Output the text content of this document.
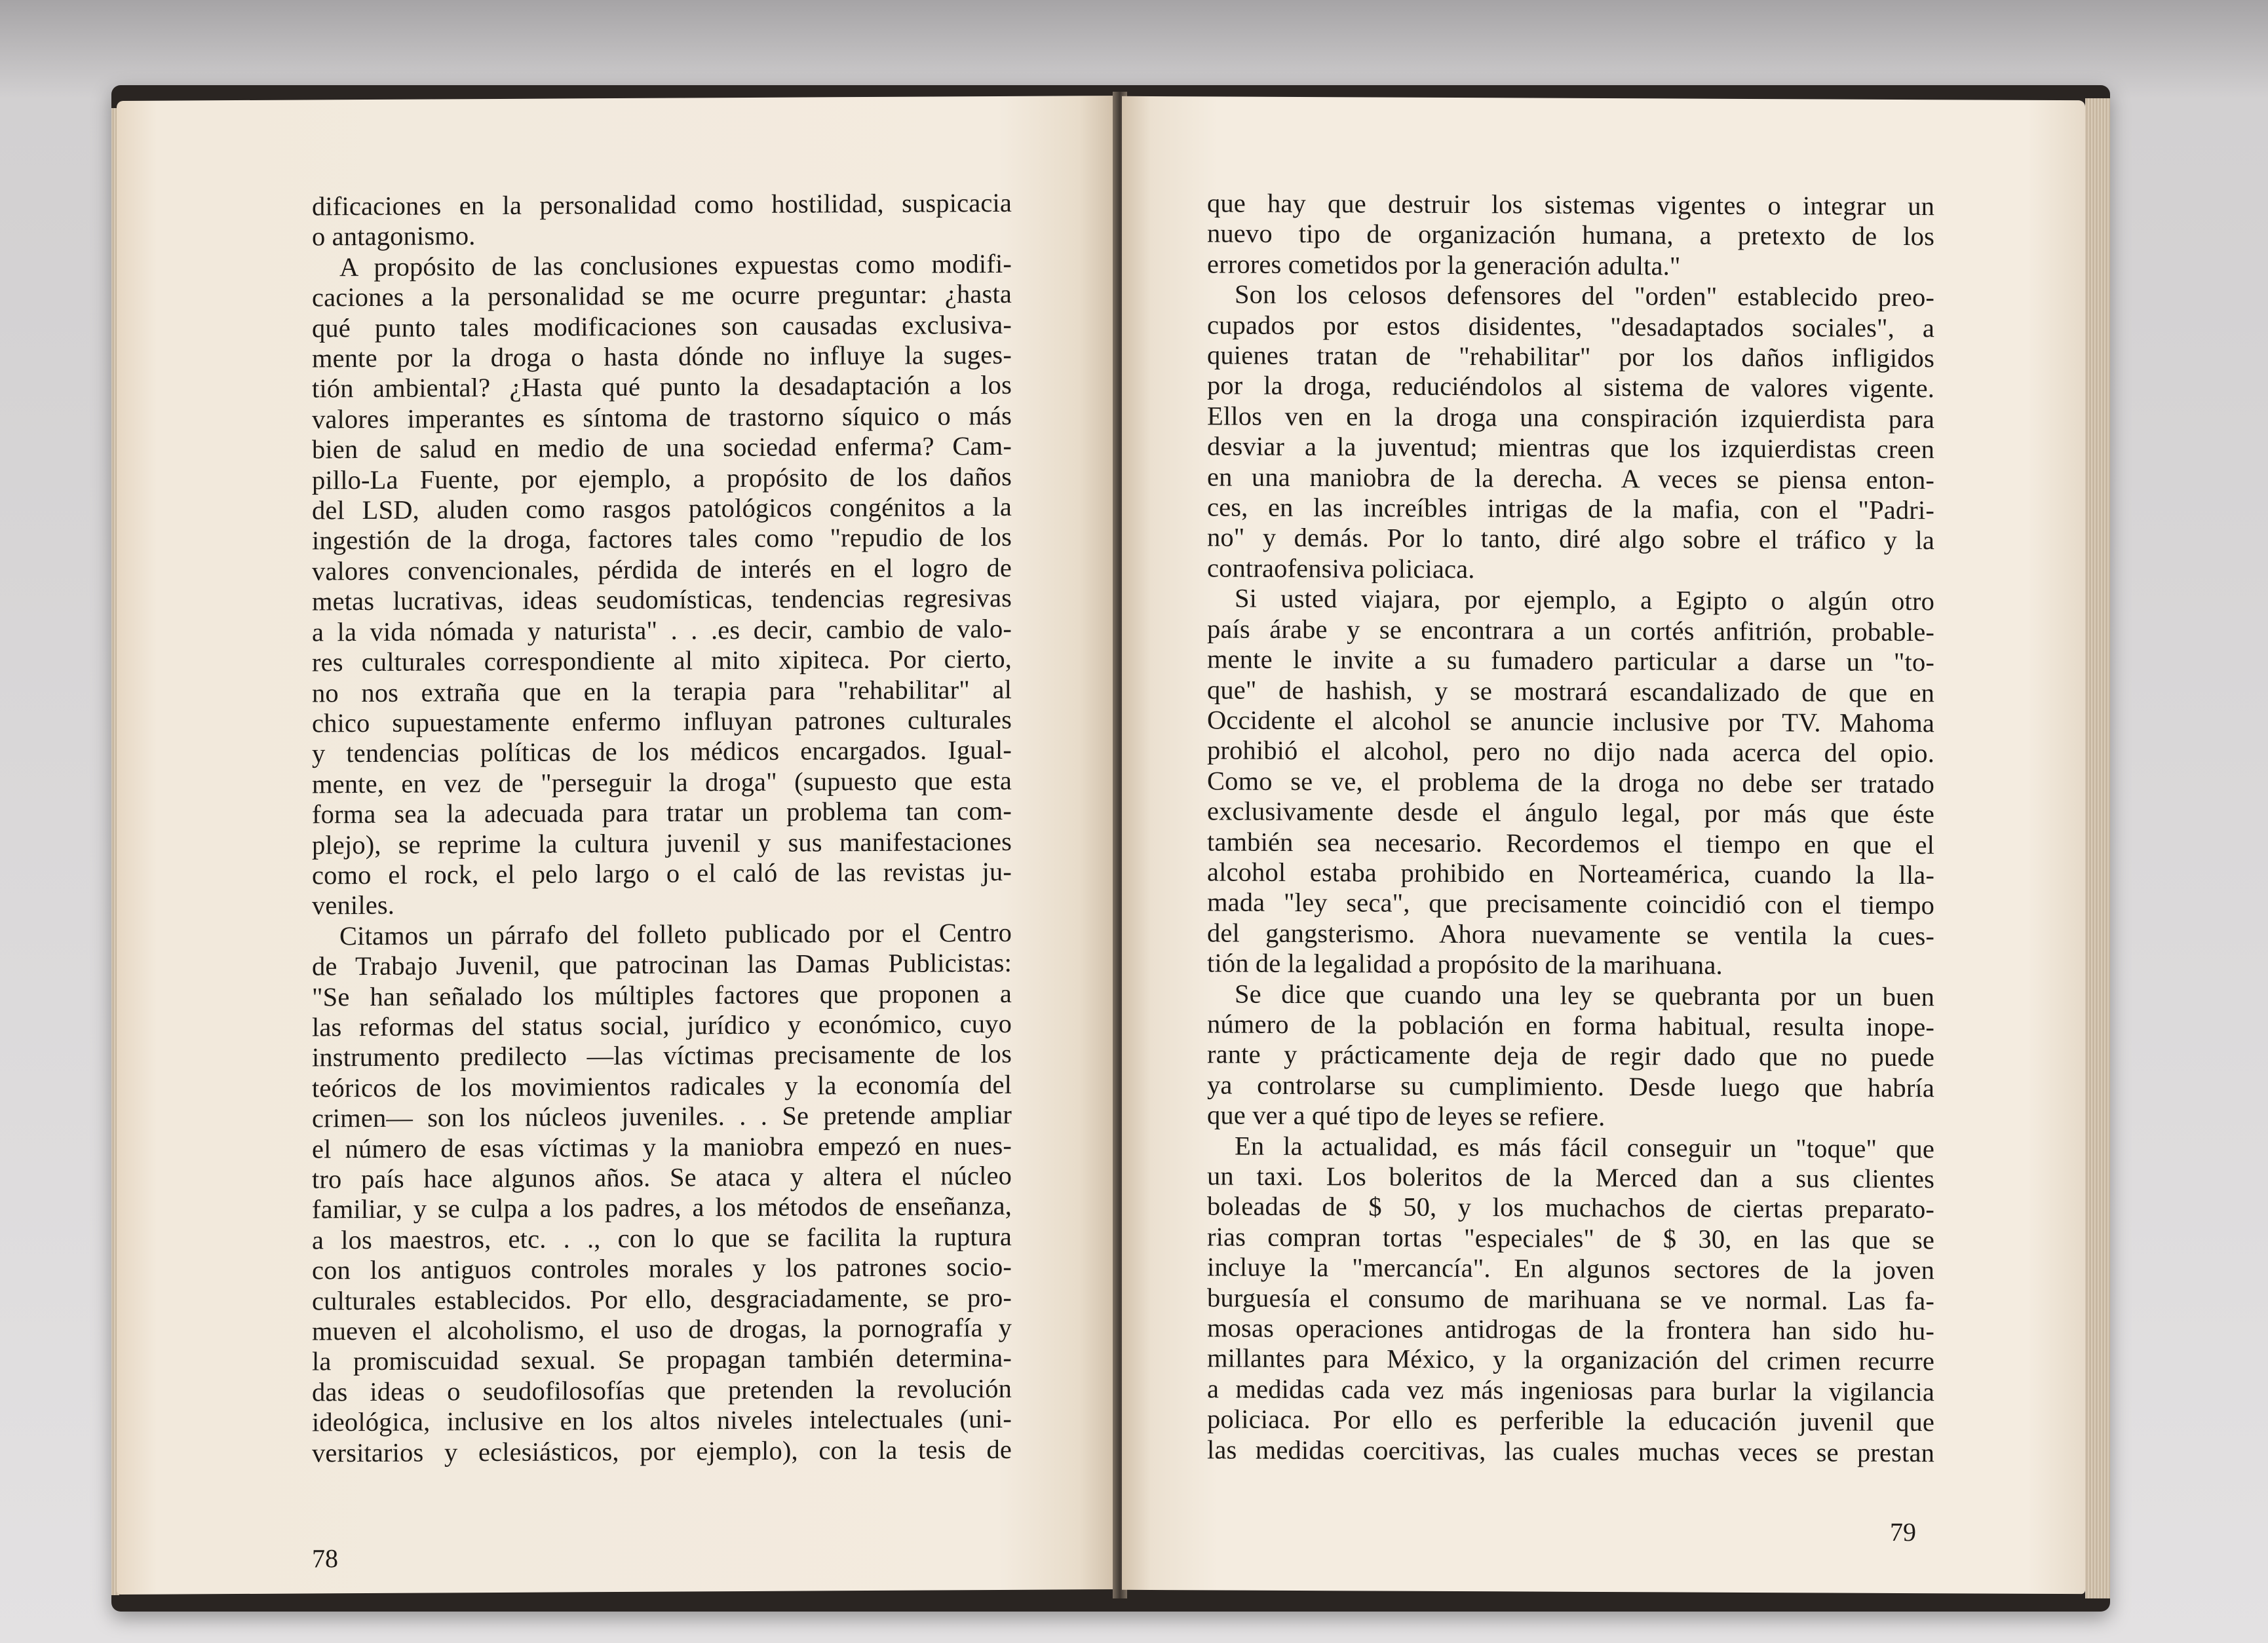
dificaciones en la personalidad como hostilidad, suspicacia

o antagonismo.

A propósito de las conclusiones expuestas como modifi-

caciones a la personalidad se me ocurre preguntar: ¿hasta

qué punto tales modificaciones son causadas exclusiva-

mente por la droga o hasta dónde no influye la suges-

tión ambiental? ¿Hasta qué punto la desadaptación a los

valores imperantes es síntoma de trastorno síquico o más

bien de salud en medio de una sociedad enferma? Cam-

pillo-La Fuente, por ejemplo, a propósito de los daños

del LSD, aluden como rasgos patológicos congénitos a la

ingestión de la droga, factores tales como "repudio de los

valores convencionales, pérdida de interés en el logro de

metas lucrativas, ideas seudomísticas, tendencias regresivas

a la vida nómada y naturista" . . .es decir, cambio de valo-

res culturales correspondiente al mito xipiteca. Por cierto,

no nos extraña que en la terapia para "rehabilitar" al

chico supuestamente enfermo influyan patrones culturales

y tendencias políticas de los médicos encargados. Igual-

mente, en vez de "perseguir la droga" (supuesto que esta

forma sea la adecuada para tratar un problema tan com-

plejo), se reprime la cultura juvenil y sus manifestaciones

como el rock, el pelo largo o el caló de las revistas ju-

veniles.

Citamos un párrafo del folleto publicado por el Centro

de Trabajo Juvenil, que patrocinan las Damas Publicistas:

"Se han señalado los múltiples factores que proponen a

las reformas del status social, jurídico y económico, cuyo

instrumento predilecto —las víctimas precisamente de los

teóricos de los movimientos radicales y la economía del

crimen— son los núcleos juveniles. . . Se pretende ampliar

el número de esas víctimas y la maniobra empezó en nues-

tro país hace algunos años. Se ataca y altera el núcleo

familiar, y se culpa a los padres, a los métodos de enseñanza,

a los maestros, etc. . ., con lo que se facilita la ruptura

con los antiguos controles morales y los patrones socio-

culturales establecidos. Por ello, desgraciadamente, se pro-

mueven el alcoholismo, el uso de drogas, la pornografía y

la promiscuidad sexual. Se propagan también determina-

das ideas o seudofilosofías que pretenden la revolución

ideológica, inclusive en los altos niveles intelectuales (uni-

versitarios y eclesiásticos, por ejemplo), con la tesis de

78

que hay que destruir los sistemas vigentes o integrar un

nuevo tipo de organización humana, a pretexto de los

errores cometidos por la generación adulta."

Son los celosos defensores del "orden" establecido preo-

cupados por estos disidentes, "desadaptados sociales", a

quienes tratan de "rehabilitar" por los daños infligidos

por la droga, reduciéndolos al sistema de valores vigente.

Ellos ven en la droga una conspiración izquierdista para

desviar a la juventud; mientras que los izquierdistas creen

en una maniobra de la derecha. A veces se piensa enton-

ces, en las increíbles intrigas de la mafia, con el "Padri-

no" y demás. Por lo tanto, diré algo sobre el tráfico y la

contraofensiva policiaca.

Si usted viajara, por ejemplo, a Egipto o algún otro

país árabe y se encontrara a un cortés anfitrión, probable-

mente le invite a su fumadero particular a darse un "to-

que" de hashish, y se mostrará escandalizado de que en

Occidente el alcohol se anuncie inclusive por TV. Mahoma

prohibió el alcohol, pero no dijo nada acerca del opio.

Como se ve, el problema de la droga no debe ser tratado

exclusivamente desde el ángulo legal, por más que éste

también sea necesario. Recordemos el tiempo en que el

alcohol estaba prohibido en Norteamérica, cuando la lla-

mada "ley seca", que precisamente coincidió con el tiempo

del gangsterismo. Ahora nuevamente se ventila la cues-

tión de la legalidad a propósito de la marihuana.

Se dice que cuando una ley se quebranta por un buen

número de la población en forma habitual, resulta inope-

rante y prácticamente deja de regir dado que no puede

ya controlarse su cumplimiento. Desde luego que habría

que ver a qué tipo de leyes se refiere.

En la actualidad, es más fácil conseguir un "toque" que

un taxi. Los boleritos de la Merced dan a sus clientes

boleadas de $ 50, y los muchachos de ciertas preparato-

rias compran tortas "especiales" de $ 30, en las que se

incluye la "mercancía". En algunos sectores de la joven

burguesía el consumo de marihuana se ve normal. Las fa-

mosas operaciones antidrogas de la frontera han sido hu-

millantes para México, y la organización del crimen recurre

a medidas cada vez más ingeniosas para burlar la vigilancia

policiaca. Por ello es perferible la educación juvenil que

las medidas coercitivas, las cuales muchas veces se prestan

79
